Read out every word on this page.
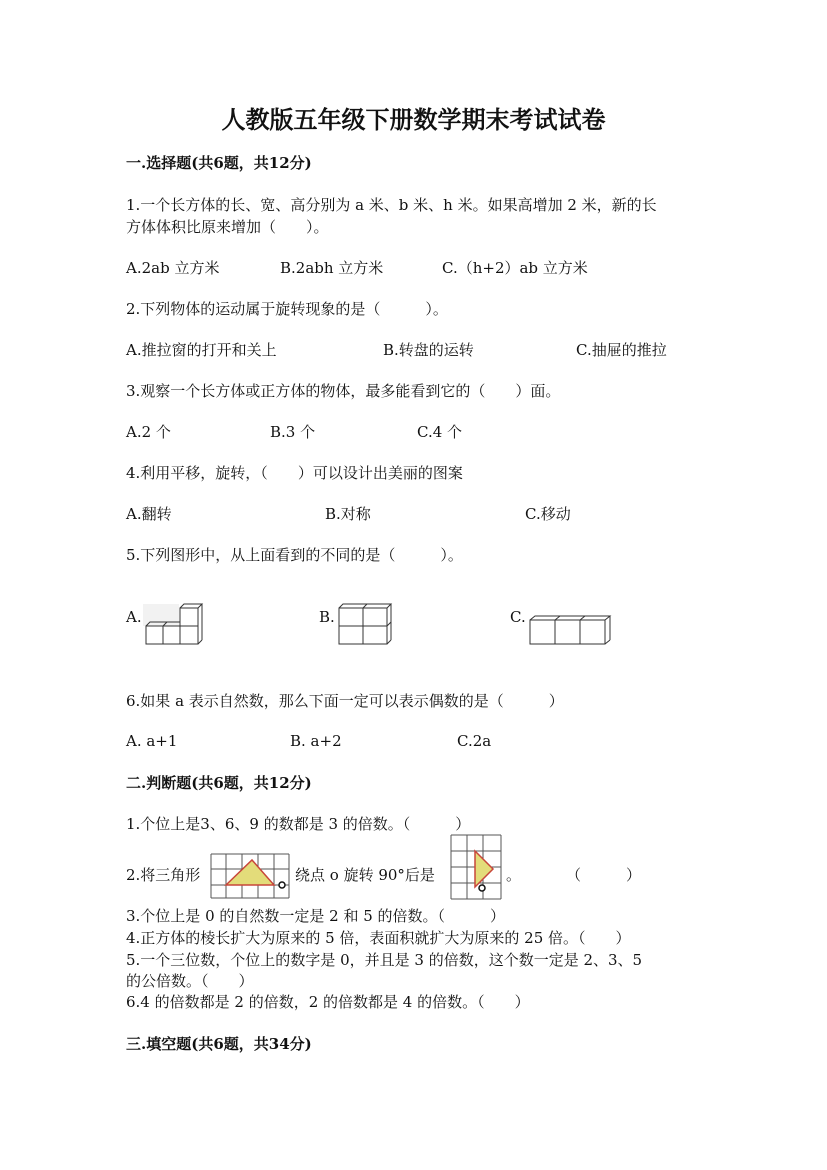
人教版五年级下册数学期末考试试卷
一.选择题(共6题，共12分)
1.一个长方体的长、宽、高分别为 a 米、b 米、h 米。如果高增加 2 米，新的长
方体体积比原来增加（　　）。
A.2ab 立方米	B.2abh 立方米	C.（h+2）ab 立方米
2.下列物体的运动属于旋转现象的是（　　　）。
A.推拉窗的打开和关上	B.转盘的运转	C.抽屉的推拉
3.观察一个长方体或正方体的物体，最多能看到它的（　　）面。
A.2 个	B.3 个	C.4 个
4.利用平移，旋转，（　　）可以设计出美丽的图案
A.翻转	B.对称	C.移动
5.下列图形中，从上面看到的不同的是（　　　）。
A.	B.	C.
6.如果 a 表示自然数，那么下面一定可以表示偶数的是（　　　）
A. a+1	B. a+2	C.2a
二.判断题(共6题，共12分)
1.个位上是3、6、9 的数都是 3 的倍数。（　　　）
2.将三角形	绕点 o 旋转 90°后是	。　　　　（　　　）
3.个位上是 0 的自然数一定是 2 和 5 的倍数。（　　　）
4.正方体的棱长扩大为原来的 5 倍，表面积就扩大为原来的 25 倍。（　　）
5.一个三位数，个位上的数字是 0，并且是 3 的倍数，这个数一定是 2、3、5
的公倍数。（　　）
6.4 的倍数都是 2 的倍数，2 的倍数都是 4 的倍数。（　　）
三.填空题(共6题，共34分)
